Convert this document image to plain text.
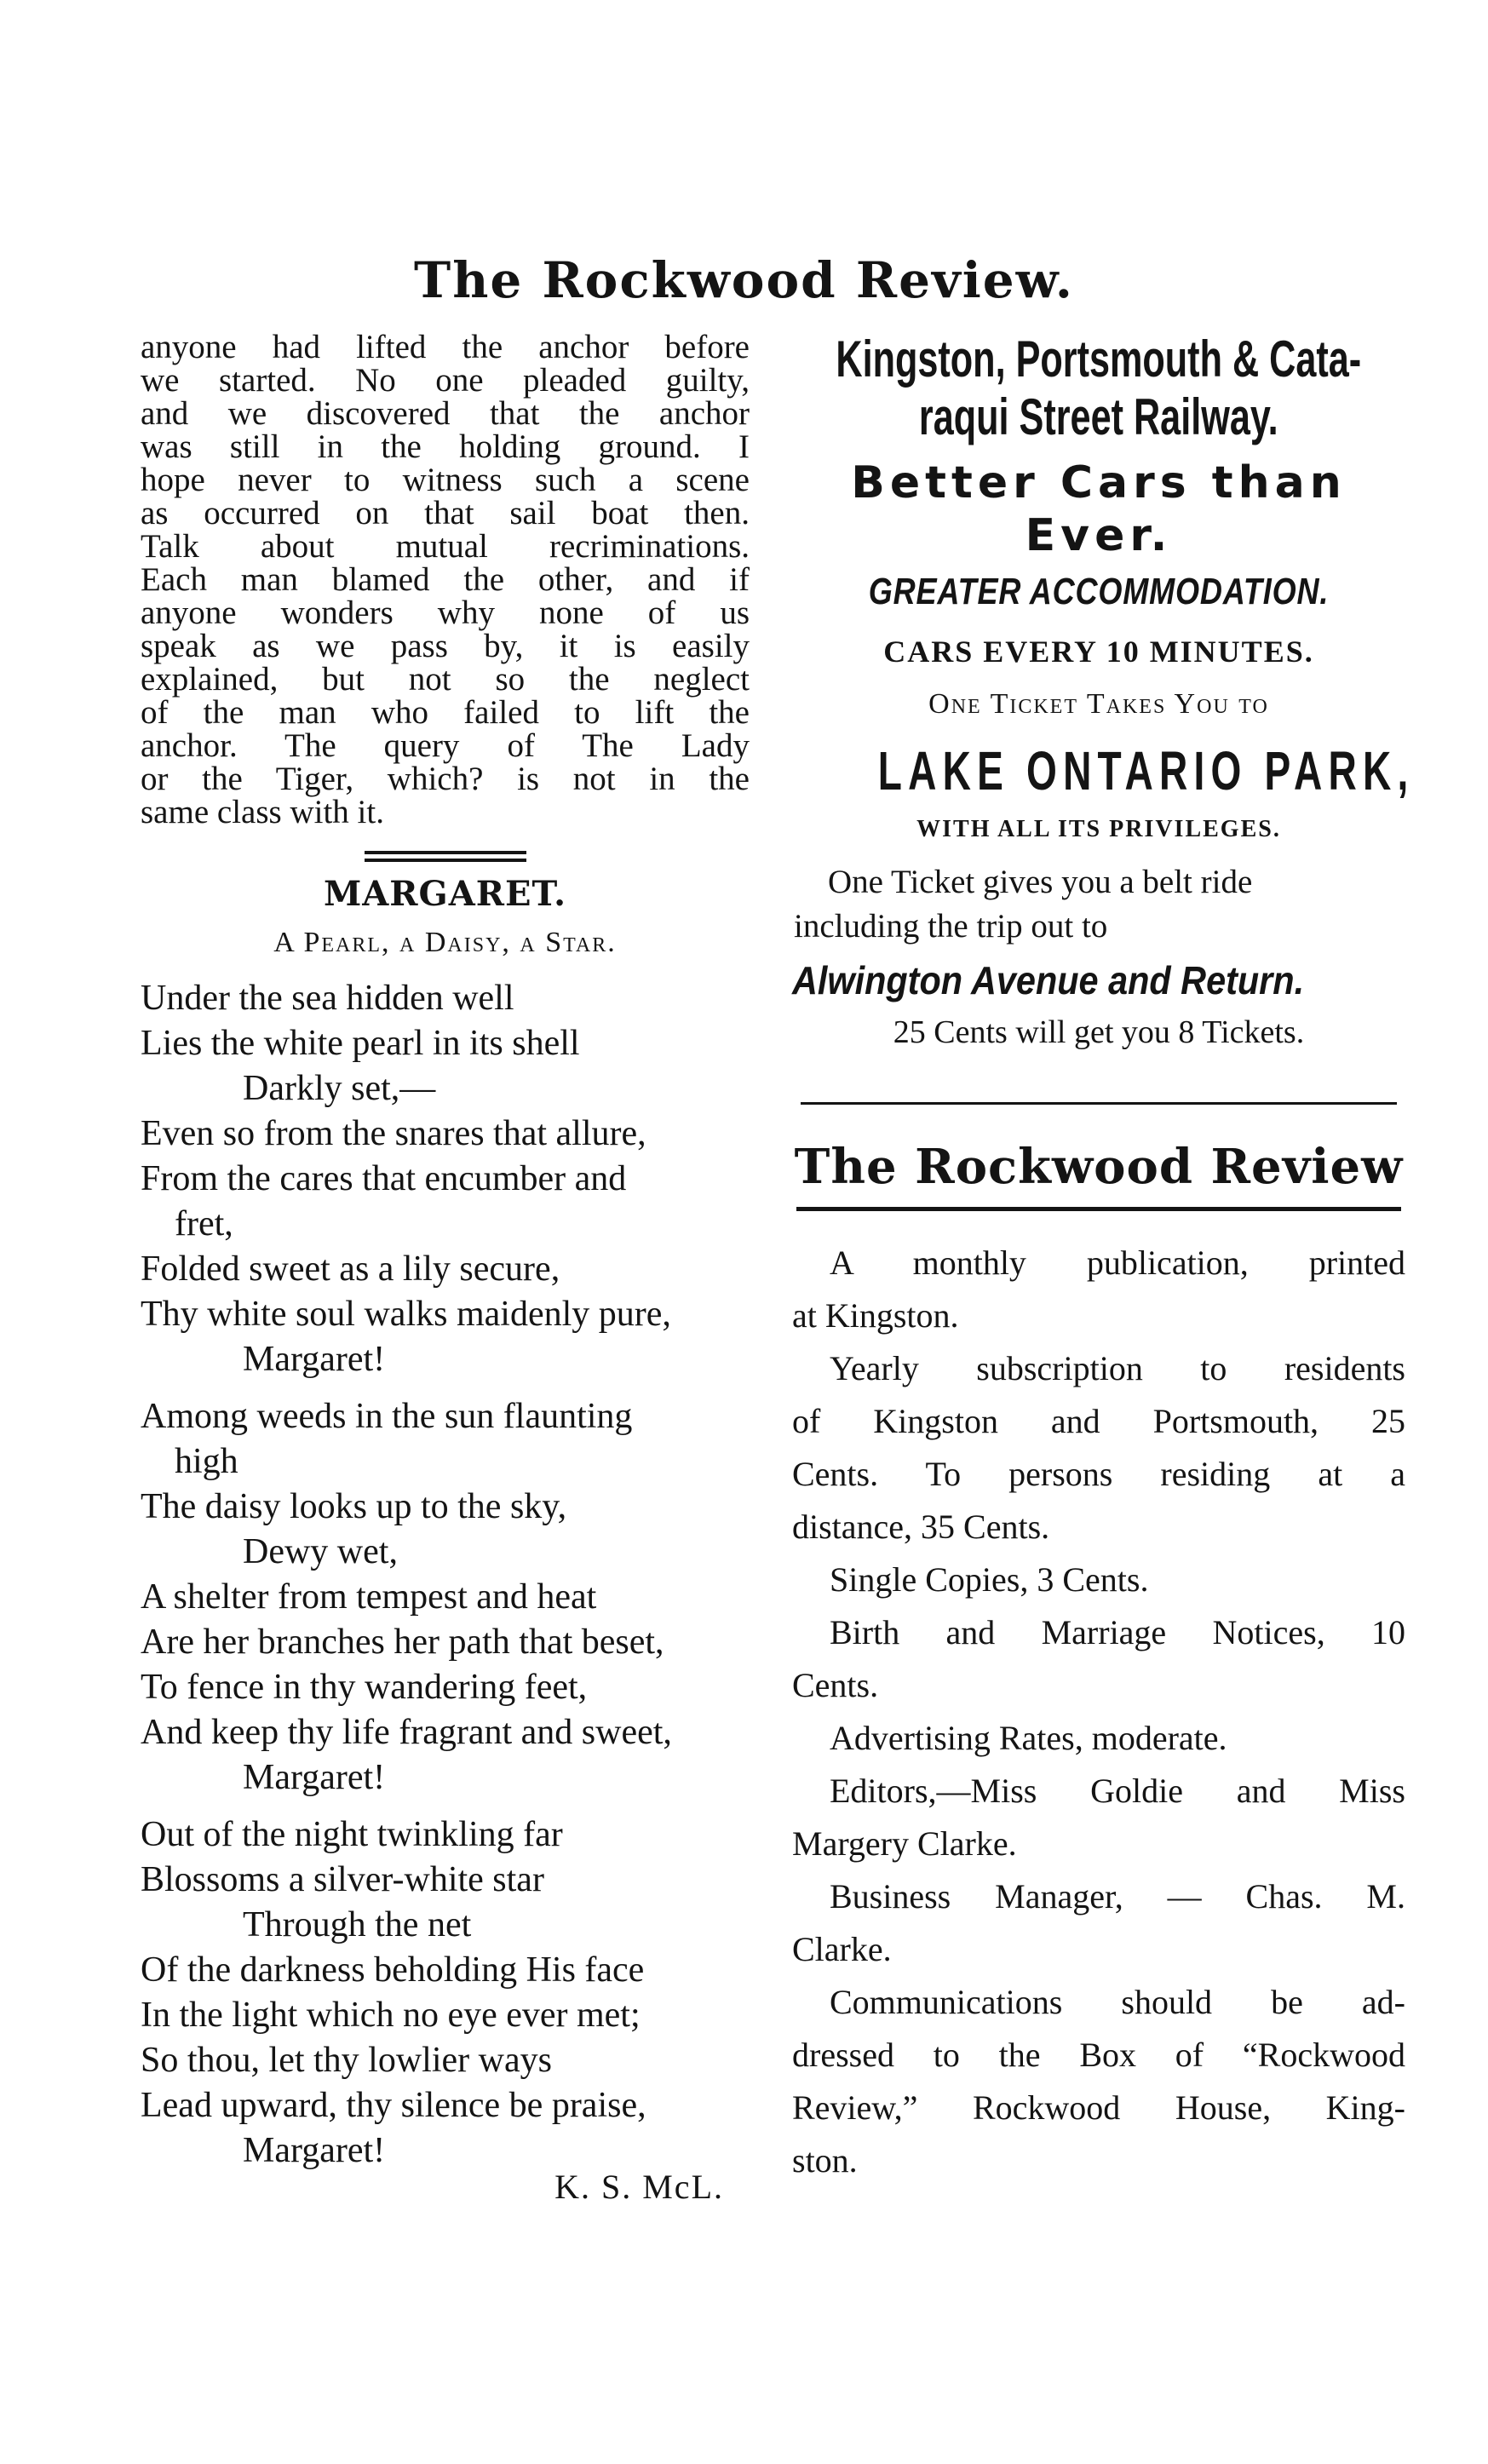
The Rockwood Review.

anyone had lifted the anchor before
we started. No one pleaded guilty,
and we discovered that the anchor
was still in the holding ground. I
hope never to witness such a scene
as occurred on that sail boat then.
Talk about mutual recriminations.
Each man blamed the other, and if
anyone wonders why none of us
speak as we pass by, it is easily
explained, but not so the neglect
of the man who failed to lift the
anchor. The query of The Lady
or the Tiger, which? is not in the
same class with it.

MARGARET.
A Pearl, a Daisy, a Star.
Under the sea hidden well
Lies the white pearl in its shell
Darkly set,—
Even so from the snares that allure,
From the cares that encumber and
fret,
Folded sweet as a lily secure,
Thy white soul walks maidenly pure,
Margaret!
Among weeds in the sun flaunting
high
The daisy looks up to the sky,
Dewy wet,
A shelter from tempest and heat
Are her branches her path that beset,
To fence in thy wandering feet,
And keep thy life fragrant and sweet,
Margaret!
Out of the night twinkling far
Blossoms a silver-white star
Through the net
Of the darkness beholding His face
In the light which no eye ever met;
So thou, let thy lowlier ways
Lead upward, thy silence be praise,
Margaret!
K. S. McL.
Kingston, Portsmouth & Cata-
raqui Street Railway.
Better Cars than
Ever.
GREATER ACCOMMODATION.
CARS EVERY 10 MINUTES.
One Ticket Takes You to
LAKE ONTARIO PARK,
WITH ALL ITS PRIVILEGES.
One Ticket gives you a belt ride
including the trip out to
Alwington Avenue and Return.
25 Cents will get you 8 Tickets.
The Rockwood Review

A monthly publication, printed
at Kingston.

Yearly subscription to residents
of Kingston and Portsmouth, 25
Cents. To persons residing at a
distance, 35 Cents.

Single Copies, 3 Cents.

Birth and Marriage Notices, 10
Cents.

Advertising Rates, moderate.

Editors,—Miss Goldie and Miss
Margery Clarke.

Business Manager, — Chas. M.
Clarke.

Communications should be ad-
dressed to the Box of “Rockwood
Review,” Rockwood House, King-
ston.
